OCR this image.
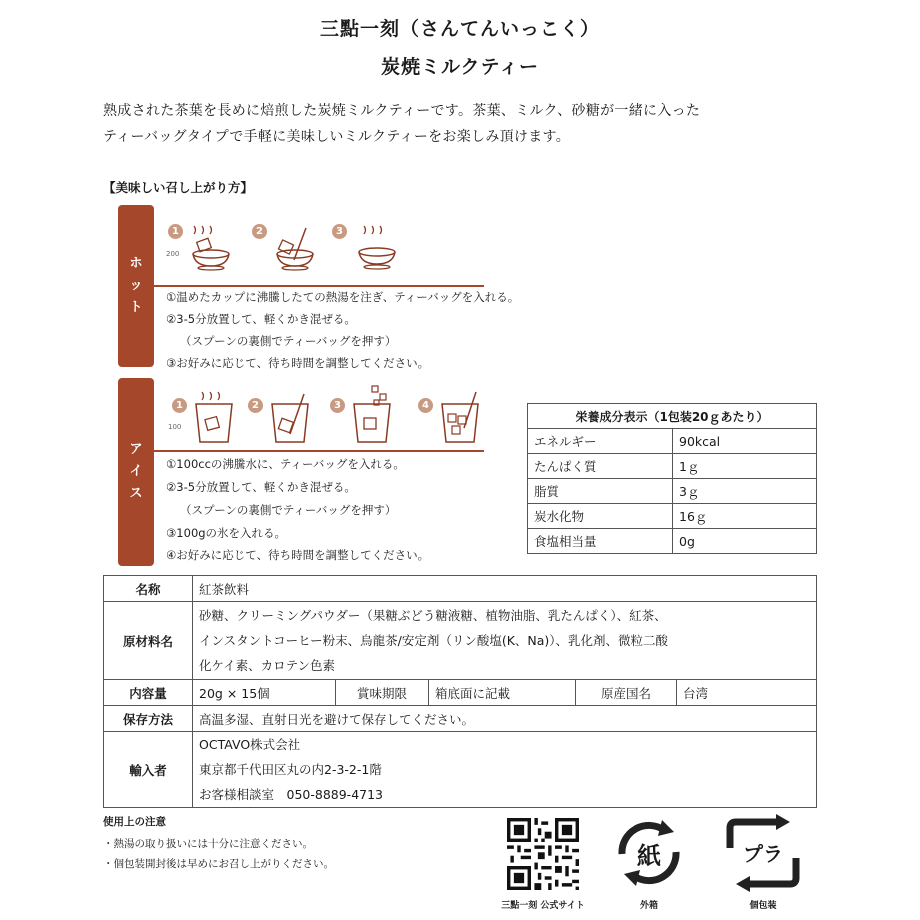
三點一刻（さんてんいっこく）
炭焼ミルクティー
熟成された茶葉を長めに焙煎した炭焼ミルクティーです。茶葉、ミルク、砂糖が一緒に入った
ティーバッグタイプで手軽に美味しいミルクティーをお楽しみ頂けます。
【美味しい召し上がり方】
ホ
ッ
ト
1
200
2	3
①温めたカップに沸騰したての熱湯を注ぎ、ティーバッグを入れる。
②3-5分放置して、軽くかき混ぜる。
（スプーンの裏側でティーバッグを押す）
③お好みに応じて、待ち時間を調整してください。
ア
イ
ス
1
100
2	3	4
①100ccの沸騰水に、ティーバッグを入れる。
②3-5分放置して、軽くかき混ぜる。
（スプーンの裏側でティーバッグを押す）
③100gの氷を入れる。
④お好みに応じて、待ち時間を調整してください。
栄養成分表示（1包装20ｇあたり）	
エネルギー	90kcal
たんぱく質	1ｇ
脂質	3ｇ
炭水化物	16ｇ
食塩相当量	0g
名称	紅茶飲料				
原材料名	砂糖、クリーミングパウダー（果糖ぶどう糖液糖、植物油脂、乳たんぱく）、紅茶、
インスタントコーヒー粉末、烏龍茶/安定剤（リン酸塩(K、Na)）、乳化剤、微粒二酸
化ケイ素、カロテン色素				

内容量	20g × 15個	賞味期限	箱底面に記載	原産国名	台湾
保存方法	高温多湿、直射日光を避けて保存してください。				
輸入者	OCTAVO株式会社
東京都千代田区丸の内2-3-2-1階
お客様相談室　050-8889-4713				
使用上の注意
・熱湯の取り扱いには十分に注意ください。
・個包装開封後は早めにお召し上がりください。
三點一刻 公式サイト
紙
外箱
プラ
個包装
